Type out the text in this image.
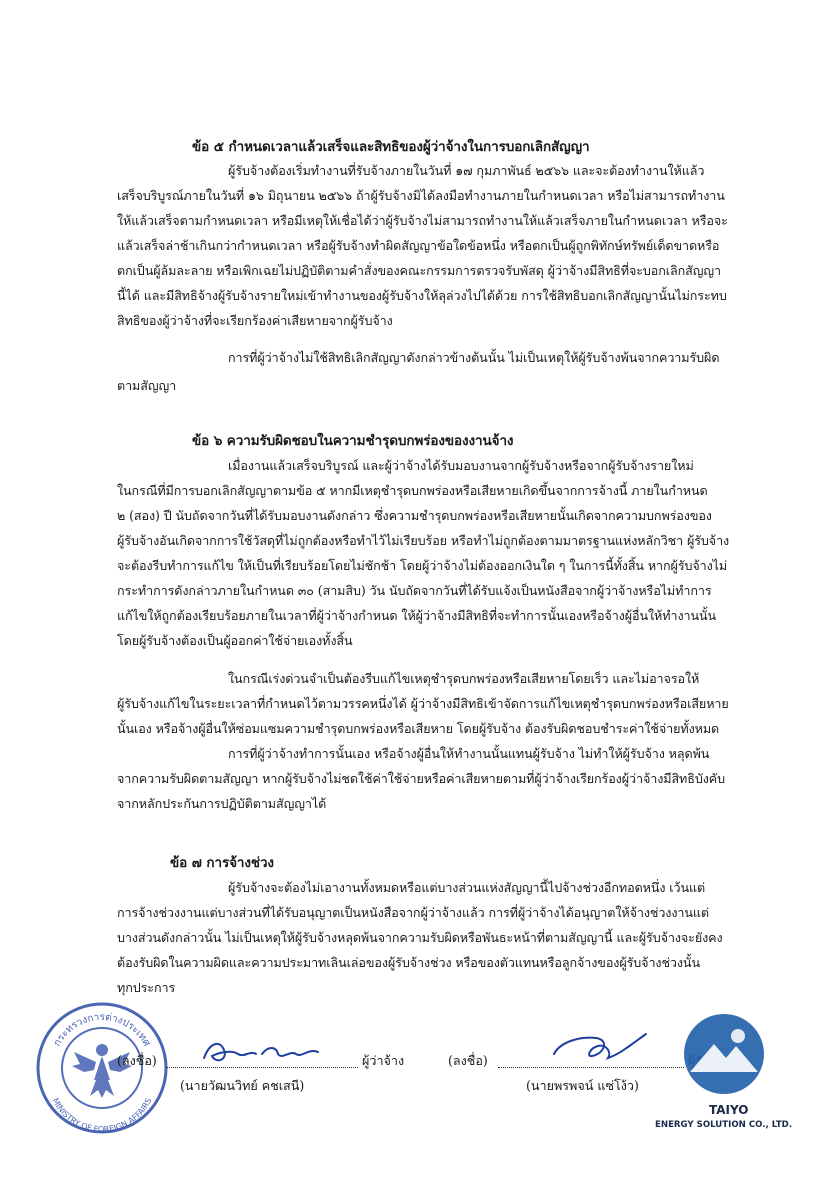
ข้อ ๕ กำหนดเวลาแล้วเสร็จและสิทธิของผู้ว่าจ้างในการบอกเลิกสัญญา
ผู้รับจ้างต้องเริ่มทำงานที่รับจ้างภายในวันที่ ๑๗ กุมภาพันธ์ ๒๕๖๖ และจะต้องทำงานให้แล้ว
เสร็จบริบูรณ์ภายในวันที่ ๑๖ มิถุนายน ๒๕๖๖ ถ้าผู้รับจ้างมิได้ลงมือทำงานภายในกำหนดเวลา หรือไม่สามารถทำงาน
ให้แล้วเสร็จตามกำหนดเวลา หรือมีเหตุให้เชื่อได้ว่าผู้รับจ้างไม่สามารถทำงานให้แล้วเสร็จภายในกำหนดเวลา หรือจะ
แล้วเสร็จล่าช้าเกินกว่ากำหนดเวลา หรือผู้รับจ้างทำผิดสัญญาข้อใดข้อหนึ่ง หรือตกเป็นผู้ถูกพิทักษ์ทรัพย์เด็ดขาดหรือ
ตกเป็นผู้ล้มละลาย หรือเพิกเฉยไม่ปฏิบัติตามคำสั่งของคณะกรรมการตรวจรับพัสดุ ผู้ว่าจ้างมีสิทธิที่จะบอกเลิกสัญญา
นี้ได้ และมีสิทธิจ้างผู้รับจ้างรายใหม่เข้าทำงานของผู้รับจ้างให้ลุล่วงไปได้ด้วย การใช้สิทธิบอกเลิกสัญญานั้นไม่กระทบ
สิทธิของผู้ว่าจ้างที่จะเรียกร้องค่าเสียหายจากผู้รับจ้าง
การที่ผู้ว่าจ้างไม่ใช้สิทธิเลิกสัญญาดังกล่าวข้างต้นนั้น ไม่เป็นเหตุให้ผู้รับจ้างพ้นจากความรับผิด
ตามสัญญา
ข้อ ๖ ความรับผิดชอบในความชำรุดบกพร่องของงานจ้าง
เมื่องานแล้วเสร็จบริบูรณ์ และผู้ว่าจ้างได้รับมอบงานจากผู้รับจ้างหรือจากผู้รับจ้างรายใหม่
ในกรณีที่มีการบอกเลิกสัญญาตามข้อ ๕ หากมีเหตุชำรุดบกพร่องหรือเสียหายเกิดขึ้นจากการจ้างนี้ ภายในกำหนด
๒ (สอง) ปี นับถัดจากวันที่ได้รับมอบงานดังกล่าว ซึ่งความชำรุดบกพร่องหรือเสียหายนั้นเกิดจากความบกพร่องของ
ผู้รับจ้างอันเกิดจากการใช้วัสดุที่ไม่ถูกต้องหรือทำไว้ไม่เรียบร้อย หรือทำไม่ถูกต้องตามมาตรฐานแห่งหลักวิชา ผู้รับจ้าง
จะต้องรีบทำการแก้ไข ให้เป็นที่เรียบร้อยโดยไม่ชักช้า โดยผู้ว่าจ้างไม่ต้องออกเงินใด ๆ ในการนี้ทั้งสิ้น หากผู้รับจ้างไม่
กระทำการดังกล่าวภายในกำหนด ๓๐ (สามสิบ) วัน นับถัดจากวันที่ได้รับแจ้งเป็นหนังสือจากผู้ว่าจ้างหรือไม่ทำการ
แก้ไขให้ถูกต้องเรียบร้อยภายในเวลาที่ผู้ว่าจ้างกำหนด ให้ผู้ว่าจ้างมีสิทธิที่จะทำการนั้นเองหรือจ้างผู้อื่นให้ทำงานนั้น
โดยผู้รับจ้างต้องเป็นผู้ออกค่าใช้จ่ายเองทั้งสิ้น
ในกรณีเร่งด่วนจำเป็นต้องรีบแก้ไขเหตุชำรุดบกพร่องหรือเสียหายโดยเร็ว และไม่อาจรอให้
ผู้รับจ้างแก้ไขในระยะเวลาที่กำหนดไว้ตามวรรคหนึ่งได้ ผู้ว่าจ้างมีสิทธิเข้าจัดการแก้ไขเหตุชำรุดบกพร่องหรือเสียหาย
นั้นเอง หรือจ้างผู้อื่นให้ซ่อมแซมความชำรุดบกพร่องหรือเสียหาย โดยผู้รับจ้าง ต้องรับผิดชอบชำระค่าใช้จ่ายทั้งหมด
การที่ผู้ว่าจ้างทำการนั้นเอง หรือจ้างผู้อื่นให้ทำงานนั้นแทนผู้รับจ้าง ไม่ทำให้ผู้รับจ้าง หลุดพ้น
จากความรับผิดตามสัญญา หากผู้รับจ้างไม่ชดใช้ค่าใช้จ่ายหรือค่าเสียหายตามที่ผู้ว่าจ้างเรียกร้องผู้ว่าจ้างมีสิทธิบังคับ
จากหลักประกันการปฏิบัติตามสัญญาได้
ข้อ ๗ การจ้างช่วง
ผู้รับจ้างจะต้องไม่เอางานทั้งหมดหรือแต่บางส่วนแห่งสัญญานี้ไปจ้างช่วงอีกทอดหนึ่ง เว้นแต่
การจ้างช่วงงานแต่บางส่วนที่ได้รับอนุญาตเป็นหนังสือจากผู้ว่าจ้างแล้ว การที่ผู้ว่าจ้างได้อนุญาตให้จ้างช่วงงานแต่
บางส่วนดังกล่าวนั้น ไม่เป็นเหตุให้ผู้รับจ้างหลุดพ้นจากความรับผิดหรือพันธะหน้าที่ตามสัญญานี้ และผู้รับจ้างจะยังคง
ต้องรับผิดในความผิดและความประมาทเลินเล่อของผู้รับจ้างช่วง หรือของตัวแทนหรือลูกจ้างของผู้รับจ้างช่วงนั้น
ทุกประการ
กระทรวงการต่างประเทศ
MINISTRY OF FOREIGN AFFAIRS
(ลงชื่อ)	ผู้ว่าจ้าง
(นายวัฒนวิทย์ คชเสนี)
(ลงชื่อ)
(นายพรพจน์ แซ่โง้ว)
TAIYO
ENERGY SOLUTION CO., LTD.
